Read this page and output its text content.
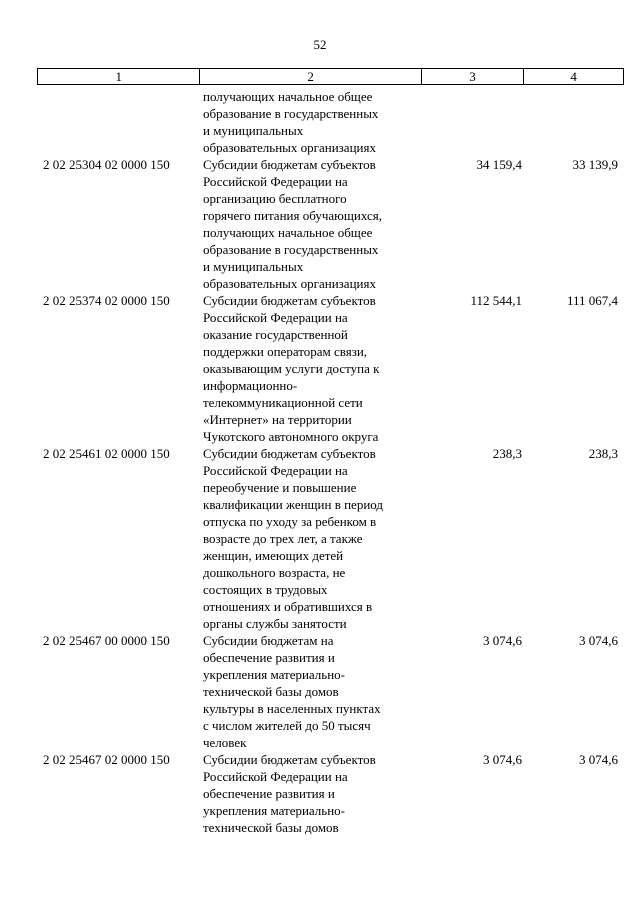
52
1	2	3	4
получающих начальное общее
образование в государственных
и муниципальных
образовательных организациях
2 02 25304 02 0000 150	Субсидии бюджетам субъектов
Российской Федерации на
организацию бесплатного
горячего питания обучающихся,
получающих начальное общее
образование в государственных
и муниципальных
образовательных организациях
34 159,4	33 139,9
2 02 25374 02 0000 150	Субсидии бюджетам субъектов
Российской Федерации на
оказание государственной
поддержки операторам связи,
оказывающим услуги доступа к
информационно-
телекоммуникационной сети
«Интернет» на территории
Чукотского автономного округа
112 544,1	111 067,4
2 02 25461 02 0000 150	Субсидии бюджетам субъектов
Российской Федерации на
переобучение и повышение
квалификации женщин в период
отпуска по уходу за ребенком в
возрасте до трех лет, а также
женщин, имеющих детей
дошкольного возраста, не
состоящих в трудовых
отношениях и обратившихся в
органы службы занятости
238,3	238,3
2 02 25467 00 0000 150	Субсидии бюджетам на
обеспечение развития и
укрепления материально-
технической базы домов
культуры в населенных пунктах
с числом жителей до 50 тысяч
человек
3 074,6	3 074,6
2 02 25467 02 0000 150	Субсидии бюджетам субъектов
Российской Федерации на
обеспечение развития и
укрепления материально-
технической базы домов
3 074,6	3 074,6
